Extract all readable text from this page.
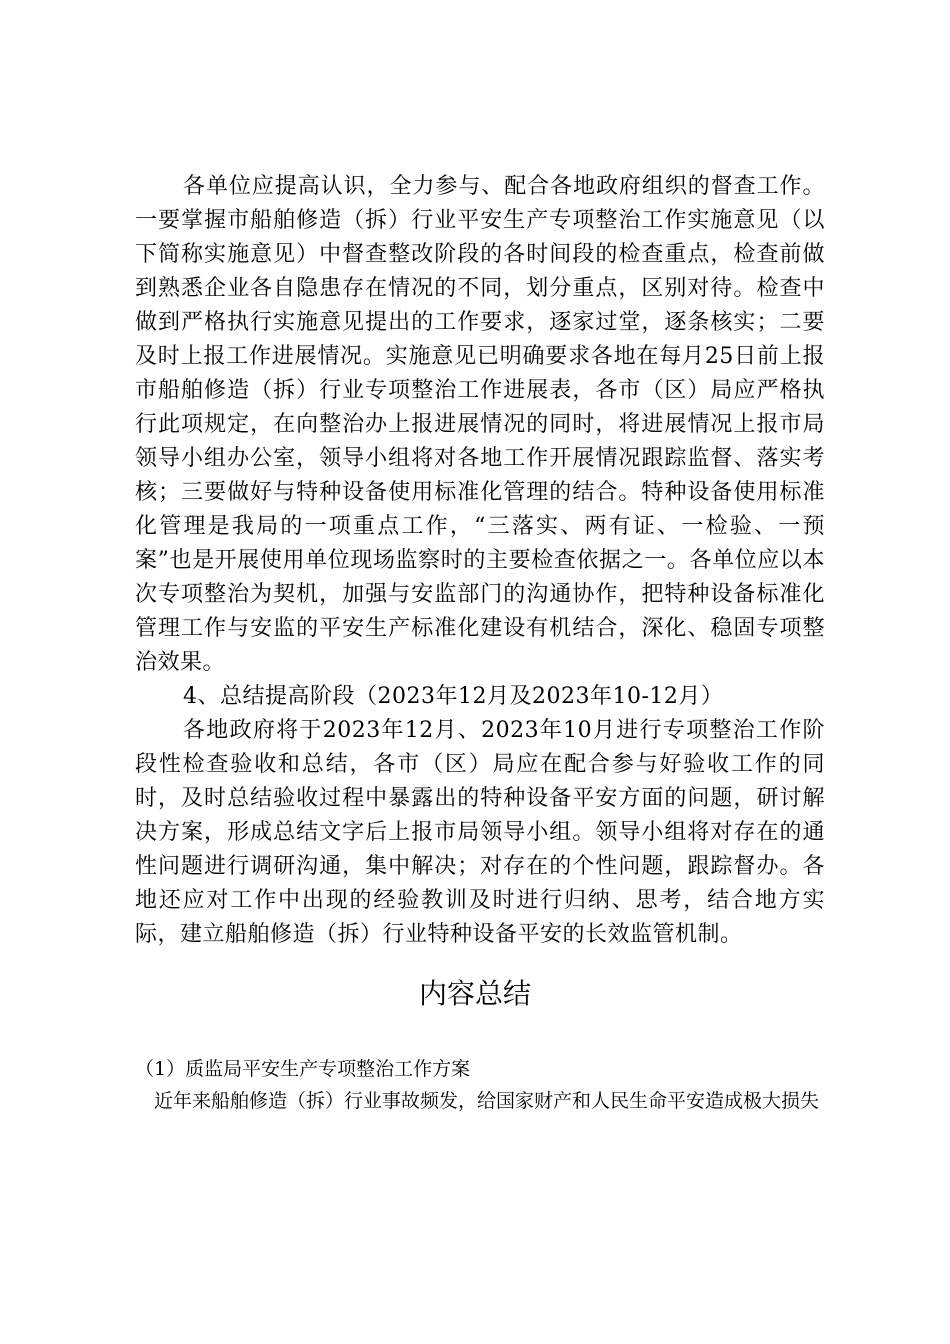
各单位应提高认识，全力参与、配合各地政府组织的督查工作。一要掌握市船舶修造（拆）行业平安生产专项整治工作实施意见（以下简称实施意见）中督查整改阶段的各时间段的检查重点，检查前做到熟悉企业各自隐患存在情况的不同，划分重点，区别对待。检查中做到严格执行实施意见提出的工作要求，逐家过堂，逐条核实；二要及时上报工作进展情况。实施意见已明确要求各地在每月25日前上报市船舶修造（拆）行业专项整治工作进展表，各市（区）局应严格执行此项规定，在向整治办上报进展情况的同时，将进展情况上报市局领导小组办公室，领导小组将对各地工作开展情况跟踪监督、落实考核；三要做好与特种设备使用标准化管理的结合。特种设备使用标准化管理是我局的一项重点工作，“三落实、两有证、一检验、一预案”也是开展使用单位现场监察时的主要检查依据之一。各单位应以本次专项整治为契机，加强与安监部门的沟通协作，把特种设备标准化管理工作与安监的平安生产标准化建设有机结合，深化、稳固专项整治效果。

4、总结提高阶段（2023年12月及2023年10-12月）

各地政府将于2023年12月、2023年10月进行专项整治工作阶段性检查验收和总结，各市（区）局应在配合参与好验收工作的同时，及时总结验收过程中暴露出的特种设备平安方面的问题，研讨解决方案，形成总结文字后上报市局领导小组。领导小组将对存在的通性问题进行调研沟通，集中解决；对存在的个性问题，跟踪督办。各地还应对工作中出现的经验教训及时进行归纳、思考，结合地方实际，建立船舶修造（拆）行业特种设备平安的长效监管机制。

内容总结

（1）质监局平安生产专项整治工作方案

近年来船舶修造（拆）行业事故频发，给国家财产和人民生命平安造成极大损失
